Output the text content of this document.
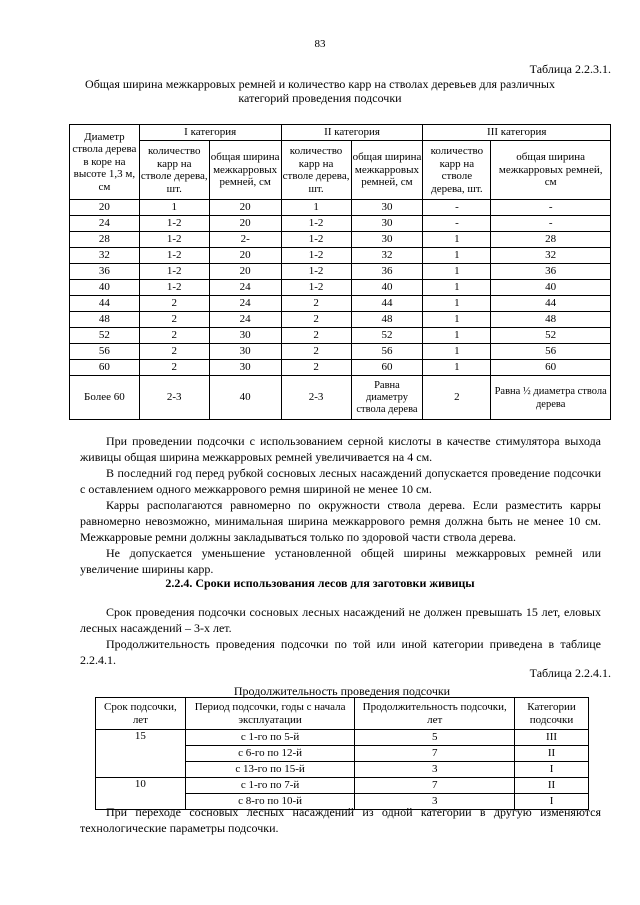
83
Таблица 2.2.3.1.
Общая ширина межкарровых ремней и количество карр на стволах деревьев для различных категорий проведения подсочки
Диаметр ствола дерева в коре на высоте 1,3 м, см	I категория		II категория		III категория	
	количество карр на стволе дерева, шт.	общая ширина межкарровых ремней, см	количество карр на стволе дерева, шт.	общая ширина межкарровых ремней, см	количество карр на стволе дерева, шт.	общая ширина межкарровых ремней, см
20	1	20	1	30	-	-
24	1-2	20	1-2	30	-	-
28	1-2	2-	1-2	30	1	28
32	1-2	20	1-2	32	1	32
36	1-2	20	1-2	36	1	36
40	1-2	24	1-2	40	1	40
44	2	24	2	44	1	44
48	2	24	2	48	1	48
52	2	30	2	52	1	52
56	2	30	2	56	1	56
60	2	30	2	60	1	60
Более 60	2-3	40	2-3	Равна диаметру ствола дерева	2	Равна ½ диаметра ствола дерева

При проведении подсочки с использованием серной кислоты в качестве стимулятора выхода живицы общая ширина межкарровых ремней увеличивается на 4 см.

В последний год перед рубкой сосновых лесных насаждений допускается проведение подсочки с оставлением одного межкаррового ремня шириной не менее 10 см.

Карры располагаются равномерно по окружности ствола дерева. Если разместить карры равномерно невозможно, минимальная ширина межкаррового ремня должна быть не менее 10 см. Межкарровые ремни должны закладываться только по здоровой части ствола дерева.

Не допускается уменьшение установленной общей ширины межкарровых ремней или увеличение ширины карр.

2.2.4. Сроки использования лесов для заготовки живицы

Срок проведения подсочки сосновых лесных насаждений не должен превышать 15 лет, еловых лесных насаждений – 3-х лет.

Продолжительность проведения подсочки по той или иной категории приведена в таблице 2.2.4.1.

Таблица 2.2.4.1.
Продолжительность проведения подсочки
Срок подсочки, лет	Период подсочки, годы с начала эксплуатации	Продолжительность подсочки, лет	Категории подсочки
15	с 1-го по 5-й	5	III
	с 6-го по 12-й	7	II
	с 13-го по 15-й	3	I
10	с 1-го по 7-й	7	II
	с 8-го по 10-й	3	I

При переходе сосновых лесных насаждений из одной категории в другую изменяются технологические параметры подсочки.
